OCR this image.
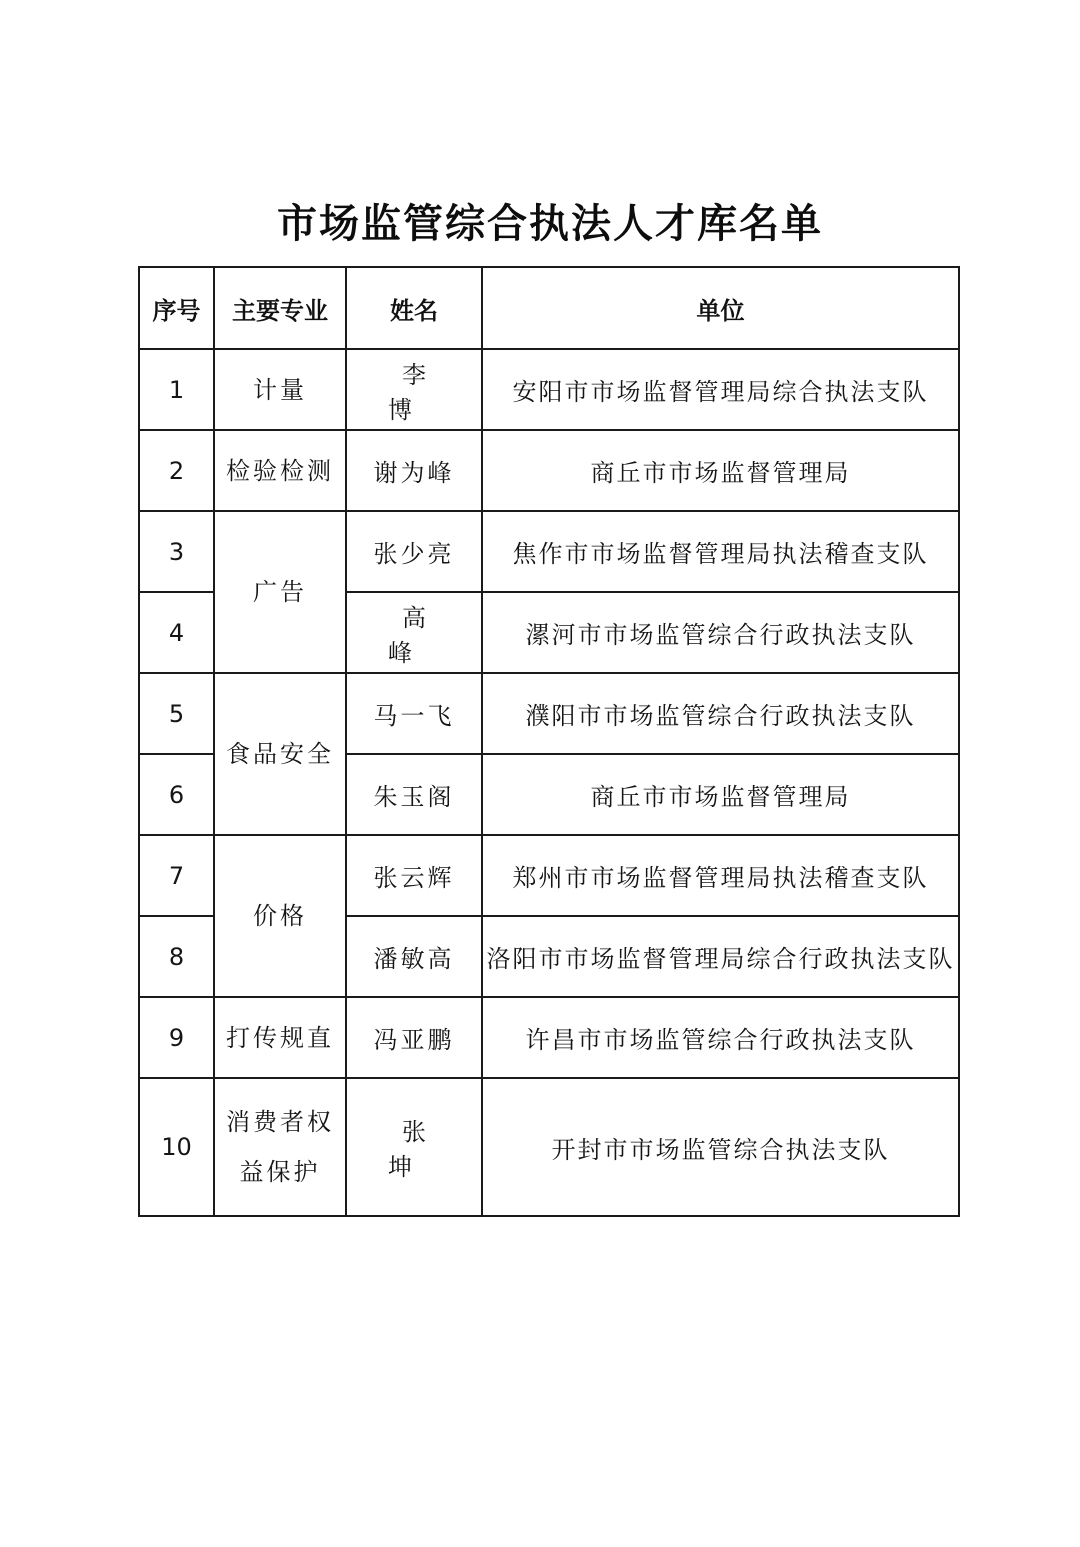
市场监管综合执法人才库名单
序号	主要专业	姓名	单位
1	计量	李 博	安阳市市场监督管理局综合执法支队
2	检验检测	谢为峰	商丘市市场监督管理局
3	广告	张少亮	焦作市市场监督管理局执法稽查支队
4		高 峰	漯河市市场监管综合行政执法支队
5	食品安全	马一飞	濮阳市市场监管综合行政执法支队
6		朱玉阁	商丘市市场监督管理局
7	价格	张云辉	郑州市市场监督管理局执法稽查支队
8		潘敏高	洛阳市市场监督管理局综合行政执法支队
9	打传规直	冯亚鹏	许昌市市场监管综合行政执法支队
10	消费者权益保护	张 坤	开封市市场监管综合执法支队
